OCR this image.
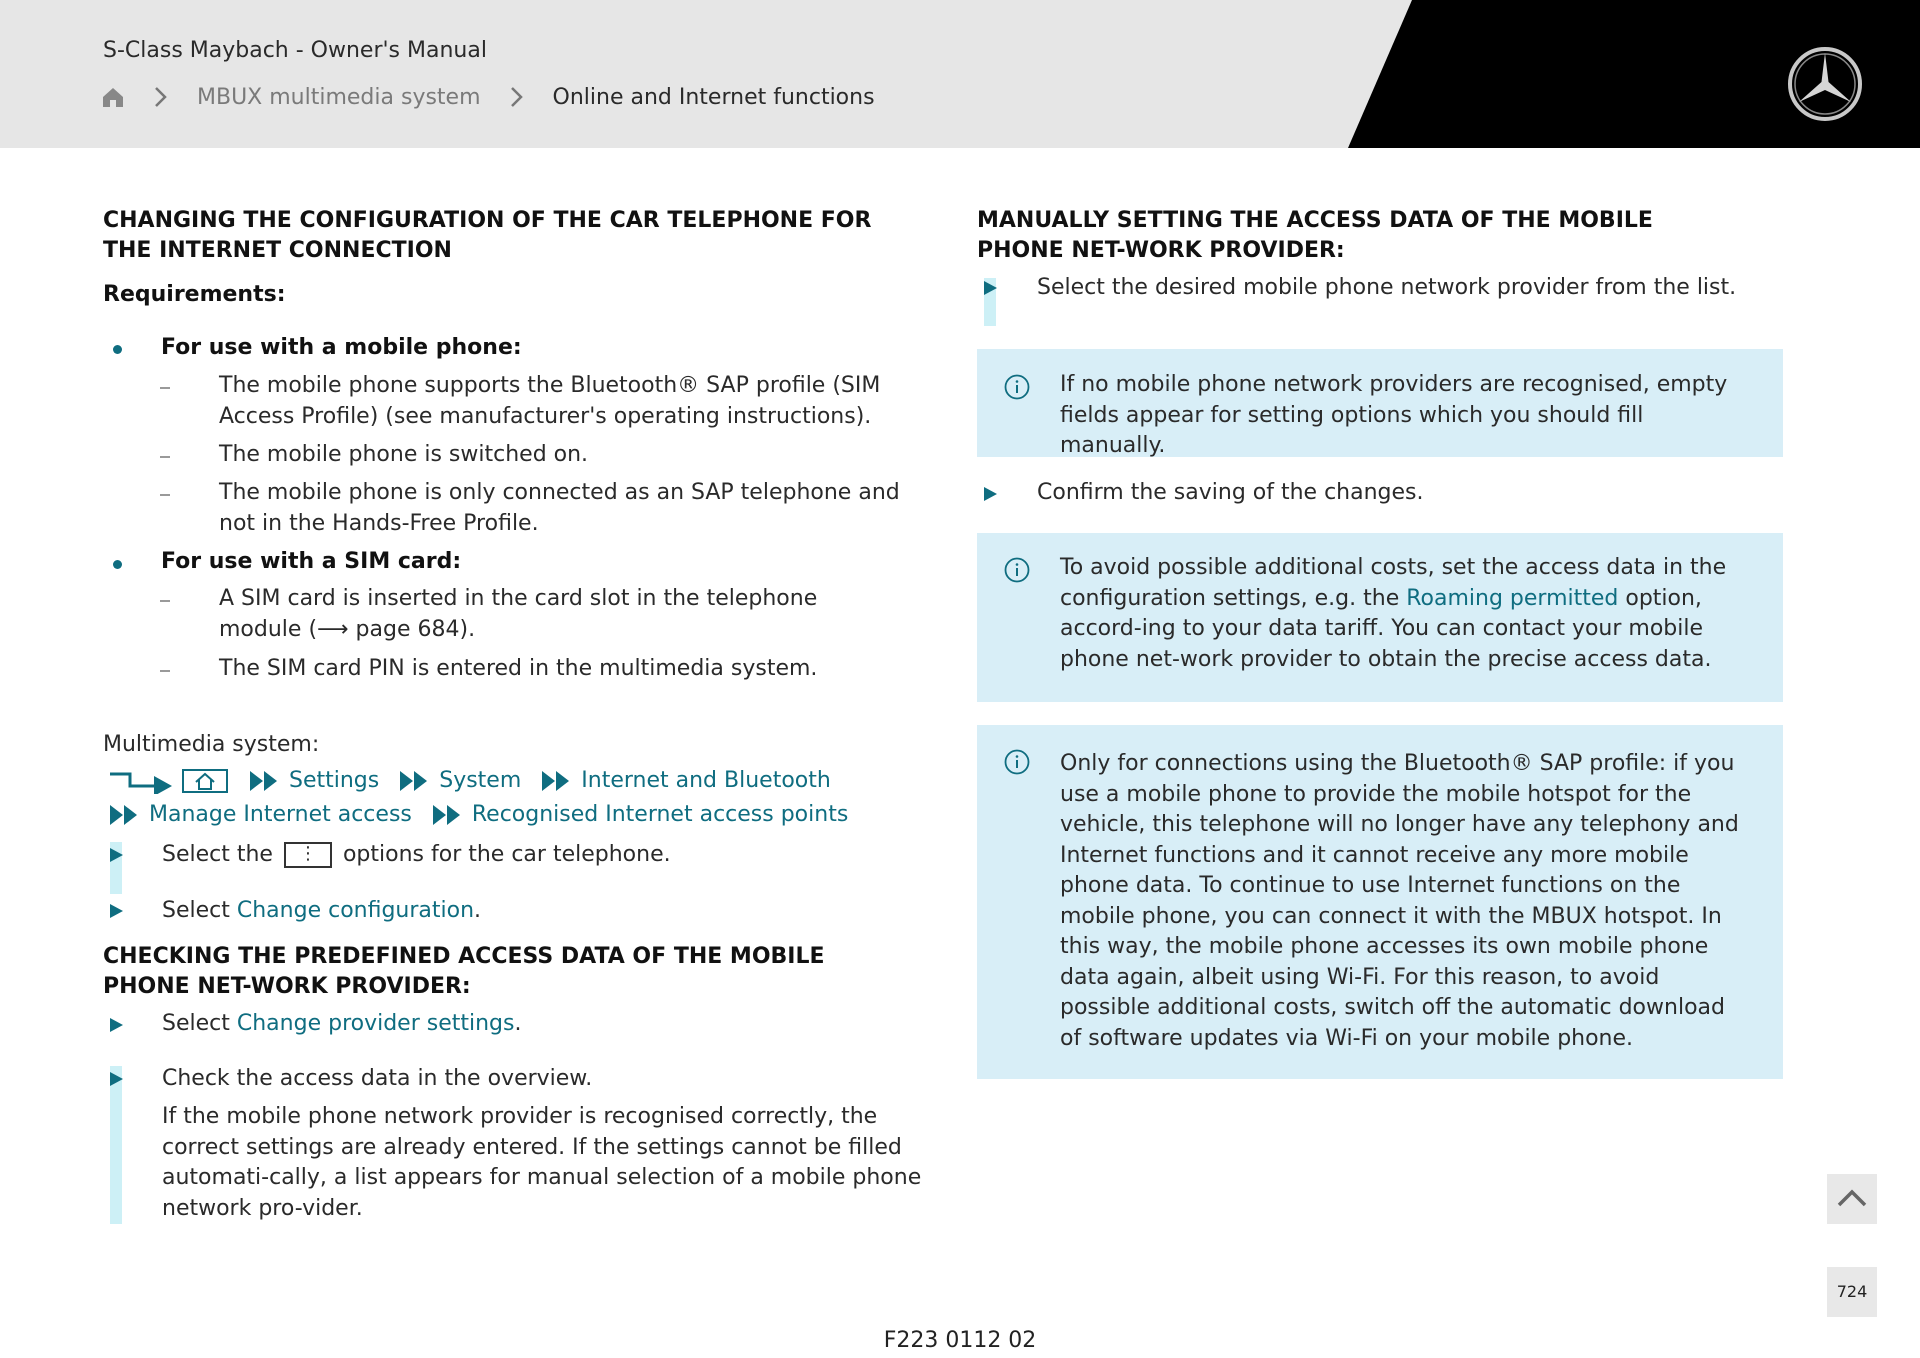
S-Class Maybach - Owner's Manual
MBUX multimedia system	Online and Internet functions
CHANGING THE CONFIGURATION OF THE CAR TELEPHONE FOR THE INTERNET CONNECTION
Requirements:
For use with a mobile phone:
The mobile phone supports the Bluetooth® SAP profile (SIM Access Profile) (see manufacturer's operating instructions).
The mobile phone is switched on.
The mobile phone is only connected as an SAP telephone and not in the Hands-Free Profile.
For use with a SIM card:
A SIM card is inserted in the card slot in the telephone module (⟶ page 684).
The SIM card PIN is entered in the multimedia system.
Multimedia system:
Settings	System	Internet and Bluetooth
Manage Internet access	Recognised Internet access points
Select the ⋮ options for the car telephone.
Select Change configuration.
CHECKING THE PREDEFINED ACCESS DATA OF THE MOBILE PHONE NET-WORK PROVIDER:
Select Change provider settings.
Check the access data in the overview.
If the mobile phone network provider is recognised correctly, the correct settings are already entered. If the settings cannot be filled automati-cally, a list appears for manual selection of a mobile phone network pro-vider.
MANUALLY SETTING THE ACCESS DATA OF THE MOBILE PHONE NET-WORK PROVIDER:
Select the desired mobile phone network provider from the list.
If no mobile phone network providers are recognised, empty fields appear for setting options which you should fill manually.
Confirm the saving of the changes.
To avoid possible additional costs, set the access data in the configuration settings, e.g. the Roaming permitted option, accord-ing to your data tariff. You can contact your mobile phone net-work provider to obtain the precise access data.
Only for connections using the Bluetooth® SAP profile: if you use a mobile phone to provide the mobile hotspot for the vehicle, this telephone will no longer have any telephony and Internet functions and it cannot receive any more mobile phone data. To continue to use Internet functions on the mobile phone, you can connect it with the MBUX hotspot. In this way, the mobile phone accesses its own mobile phone data again, albeit using Wi-Fi. For this reason, to avoid possible additional costs, switch off the automatic download of software updates via Wi-Fi on your mobile phone.
724
F223 0112 02
